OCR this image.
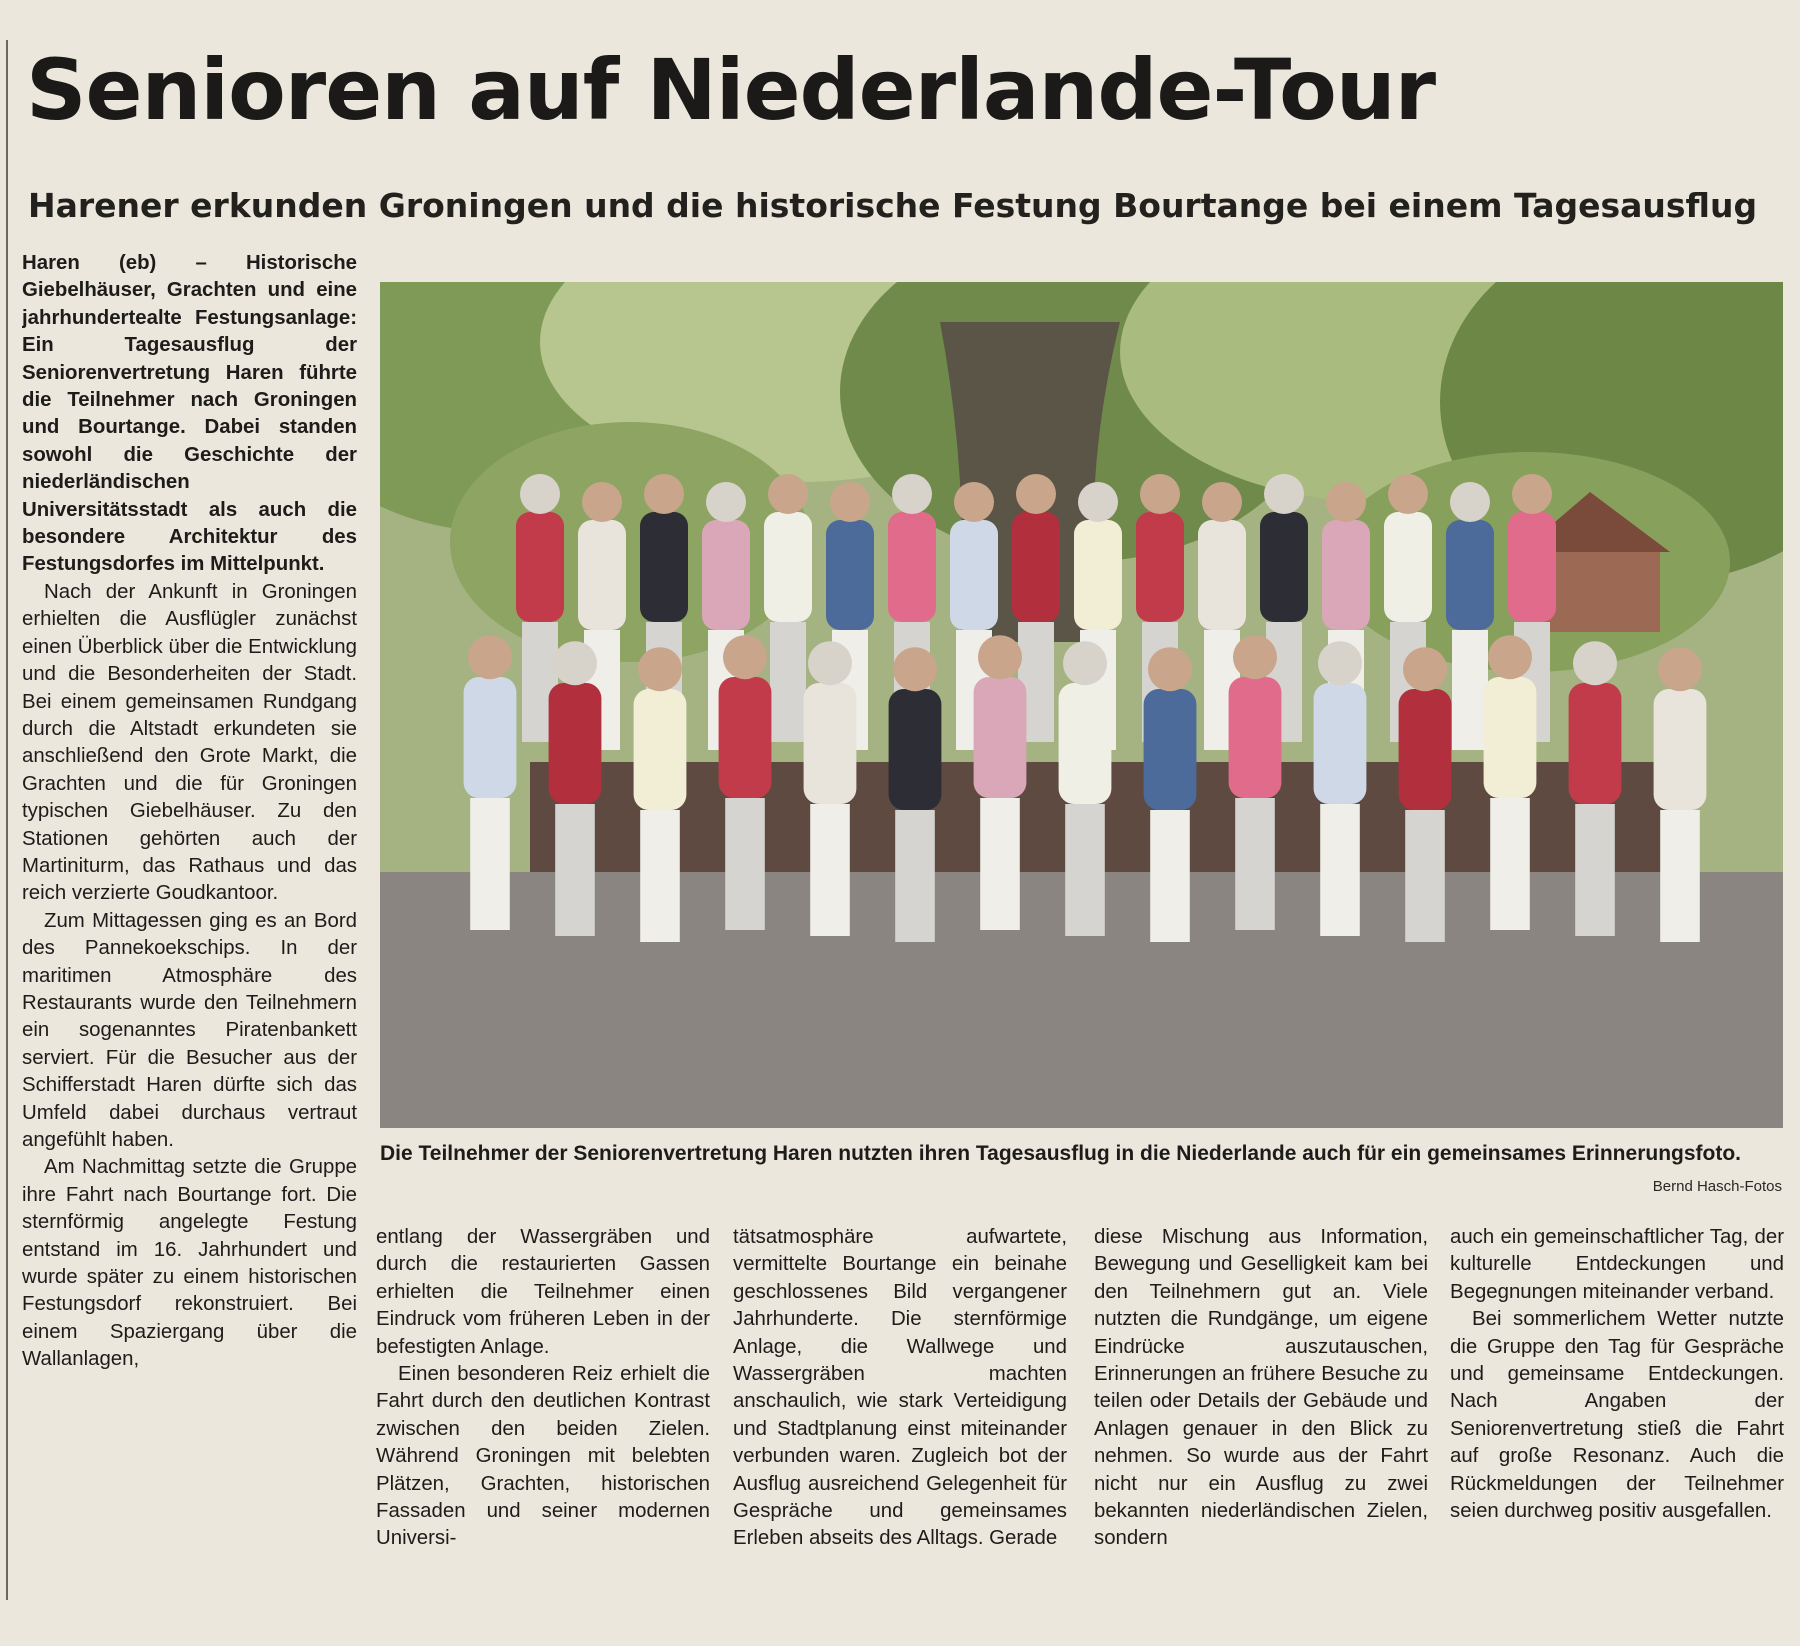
Senioren auf Niederlande-Tour
Harener erkunden Groningen und die historische Festung Bourtange bei einem Tagesausflug

Haren (eb) – Historische Giebelhäuser, Grachten und eine jahrhundertealte Festungsanlage: Ein Tagesausflug der Seniorenvertretung Haren führte die Teilnehmer nach Groningen und Bourtange. Dabei standen sowohl die Geschichte der niederländischen Universitätsstadt als auch die besondere Architektur des Festungsdorfes im Mittelpunkt.

Nach der Ankunft in Groningen erhielten die Ausflügler zunächst einen Überblick über die Entwicklung und die Besonderheiten der Stadt. Bei einem gemeinsamen Rundgang durch die Altstadt erkundeten sie anschließend den Grote Markt, die Grachten und die für Groningen typischen Giebelhäuser. Zu den Stationen gehörten auch der Martiniturm, das Rathaus und das reich verzierte Goudkantoor.

Zum Mittagessen ging es an Bord des Pannekoekschips. In der maritimen Atmosphäre des Restaurants wurde den Teilnehmern ein sogenanntes Piratenbankett serviert. Für die Besucher aus der Schifferstadt Haren dürfte sich das Umfeld dabei durchaus vertraut angefühlt haben.

Am Nachmittag setzte die Gruppe ihre Fahrt nach Bourtange fort. Die sternförmig angelegte Festung entstand im 16. Jahrhundert und wurde später zu einem historischen Festungsdorf rekonstruiert. Bei einem Spaziergang über die Wallanlagen,

Die Teilnehmer der Seniorenvertretung Haren nutzten ihren Tagesausflug in die Niederlande auch für ein gemeinsames Erinnerungsfoto.

Bernd Hasch-Fotos

entlang der Wassergräben und durch die restaurierten Gassen erhielten die Teilnehmer einen Eindruck vom früheren Leben in der befestigten Anlage.

Einen besonderen Reiz erhielt die Fahrt durch den deutlichen Kontrast zwischen den beiden Zielen. Während Groningen mit belebten Plätzen, Grachten, historischen Fassaden und seiner modernen Universi-

tätsatmosphäre aufwartete, vermittelte Bourtange ein beinahe geschlossenes Bild vergangener Jahrhunderte. Die sternförmige Anlage, die Wallwege und Wassergräben machten anschaulich, wie stark Verteidigung und Stadtplanung einst miteinander verbunden waren. Zugleich bot der Ausflug ausreichend Gelegenheit für Gespräche und gemeinsames Erleben abseits des Alltags. Gerade

diese Mischung aus Information, Bewegung und Geselligkeit kam bei den Teilnehmern gut an. Viele nutzten die Rundgänge, um eigene Eindrücke auszutauschen, Erinnerungen an frühere Besuche zu teilen oder Details der Gebäude und Anlagen genauer in den Blick zu nehmen. So wurde aus der Fahrt nicht nur ein Ausflug zu zwei bekannten niederländischen Zielen, sondern

auch ein gemeinschaftlicher Tag, der kulturelle Entdeckungen und Begegnungen miteinander verband.

Bei sommerlichem Wetter nutzte die Gruppe den Tag für Gespräche und gemeinsame Entdeckungen. Nach Angaben der Seniorenvertretung stieß die Fahrt auf große Resonanz. Auch die Rückmeldungen der Teilnehmer seien durchweg positiv ausgefallen.
